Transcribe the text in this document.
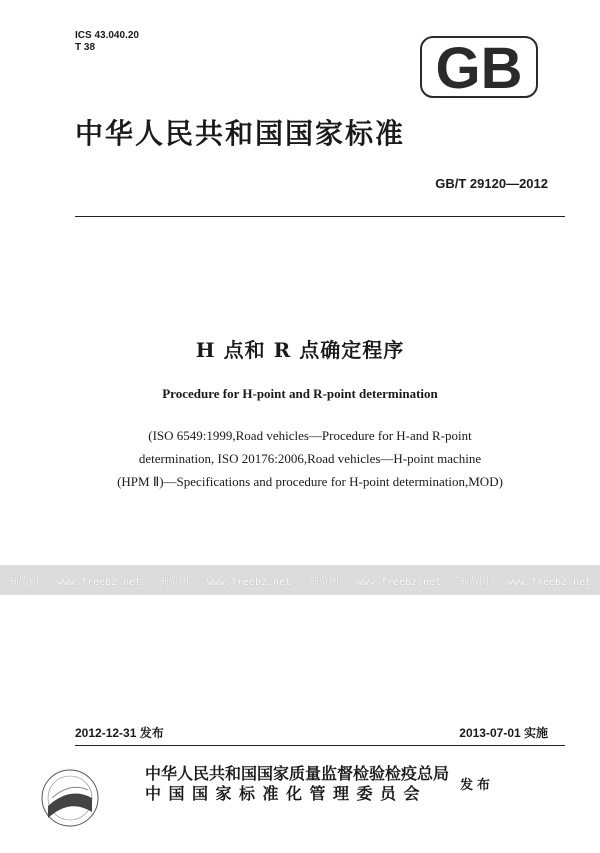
ICS 43.040.20
T 38	GB
中华人民共和国国家标准
GB/T 29120—2012
H 点和 R 点确定程序
Procedure for H-point and R-point determination
(ISO 6549:1999,Road vehicles—Procedure for H-and R-point
determination, ISO 20176:2006,Road vehicles—H-point machine
(HPM Ⅱ)—Specifications and procedure for H-point determination,MOD)
预览图 - www.freebz.net 预览图 - www.freebz.net 预览图 - www.freebz.net 预览图 - www.freebz.net
2012-12-31 发布	2013-07-01 实施
中华人民共和国国家质量监督检验检疫总局
中国国家标准化管理委员会	发布
